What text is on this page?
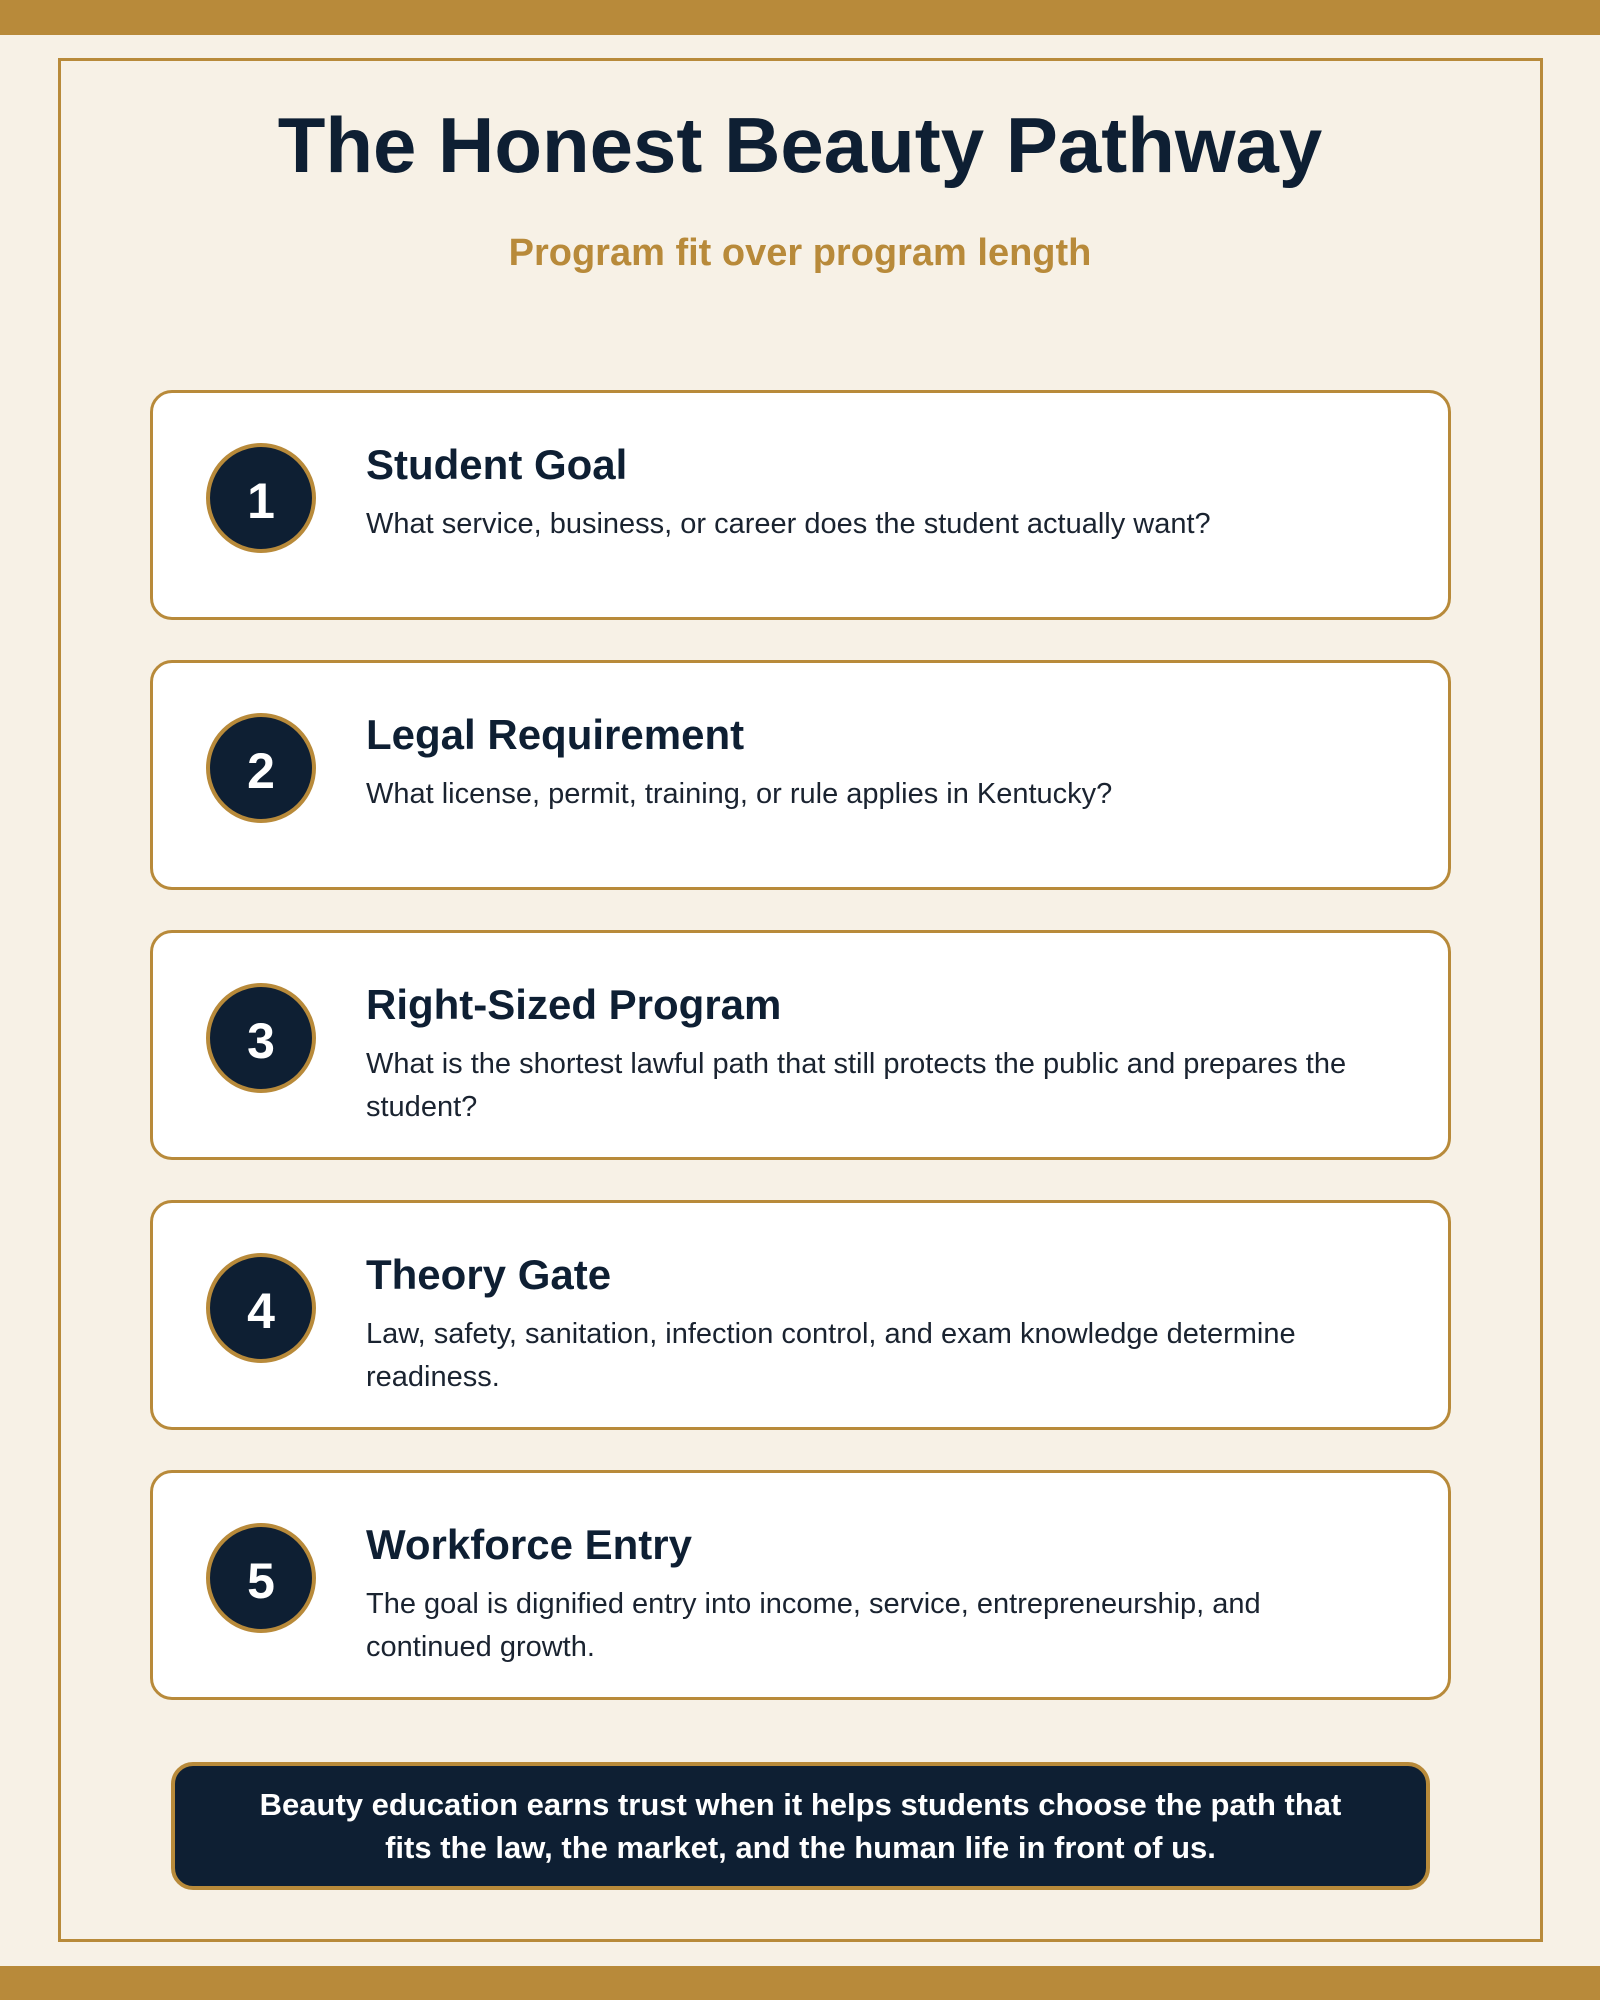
The Honest Beauty Pathway
Program fit over program length
1
Student Goal
What service, business, or career does the student actually want?
2
Legal Requirement
What license, permit, training, or rule applies in Kentucky?
3
Right-Sized Program
What is the shortest lawful path that still protects the public and prepares the student?
4
Theory Gate
Law, safety, sanitation, infection control, and exam knowledge determine readiness.
5
Workforce Entry
The goal is dignified entry into income, service, entrepreneurship, and continued growth.
Beauty education earns trust when it helps students choose the path that fits the law, the market, and the human life in front of us.
